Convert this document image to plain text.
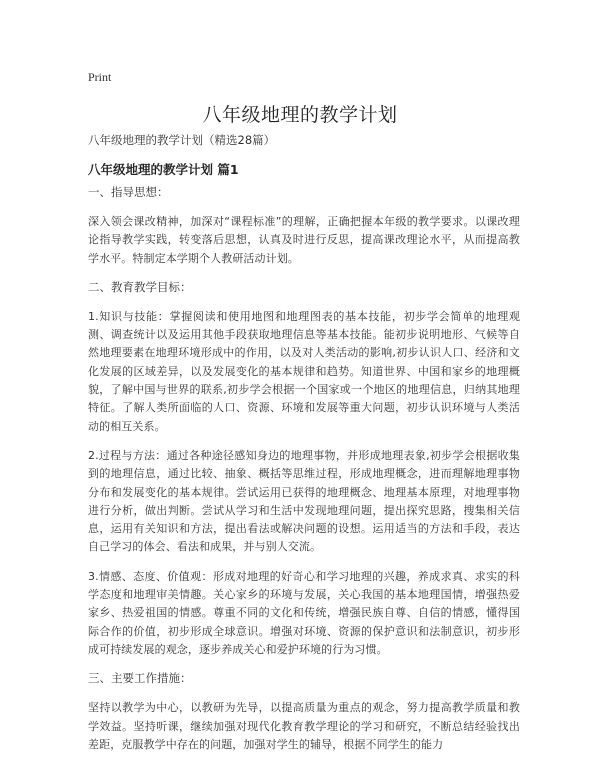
Print
八年级地理的教学计划
八年级地理的教学计划（精选28篇）
八年级地理的教学计划 篇1

一、指导思想：

深入领会课改精神，加深对“课程标准”的理解，正确把握本年级的教学要求。以课改理论指导教学实践，转变落后思想，认真及时进行反思，提高课改理论水平，从而提高教学水平。特制定本学期个人教研活动计划。

二、教育教学目标：

1.知识与技能：掌握阅读和使用地图和地理图表的基本技能，初步学会简单的地理观测、调查统计以及运用其他手段获取地理信息等基本技能。能初步说明地形、气候等自然地理要素在地理环境形成中的作用，以及对人类活动的影响,初步认识人口、经济和文化发展的区域差异，以及发展变化的基本规律和趋势。知道世界、中国和家乡的地理概貌，了解中国与世界的联系,初步学会根据一个国家或一个地区的地理信息，归纳其地理特征。了解人类所面临的人口、资源、环境和发展等重大问题，初步认识环境与人类活动的相互关系。

2.过程与方法：通过各种途径感知身边的地理事物，并形成地理表象,初步学会根据收集到的地理信息，通过比较、抽象、概括等思维过程，形成地理概念，进而理解地理事物分布和发展变化的基本规律。尝试运用已获得的地理概念、地理基本原理，对地理事物进行分析，做出判断。尝试从学习和生活中发现地理问题，提出探究思路，搜集相关信息，运用有关知识和方法，提出看法或解决问题的设想。运用适当的方法和手段，表达自己学习的体会、看法和成果，并与别人交流。

3.情感、态度、价值观：形成对地理的好奇心和学习地理的兴趣，养成求真、求实的科学态度和地理审美情趣。关心家乡的环境与发展，关心我国的基本地理国情，增强热爱家乡、热爱祖国的情感。尊重不同的文化和传统，增强民族自尊、自信的情感，懂得国际合作的价值，初步形成全球意识。增强对环境、资源的保护意识和法制意识，初步形成可持续发展的观念，逐步养成关心和爱护环境的行为习惯。

三、主要工作措施：

坚持以教学为中心，以教研为先导，以提高质量为重点的观念，努力提高教学质量和教学效益。坚持听课，继续加强对现代化教育教学理论的学习和研究，不断总结经验找出差距，克服教学中存在的问题，加强对学生的辅导，根据不同学生的能力
